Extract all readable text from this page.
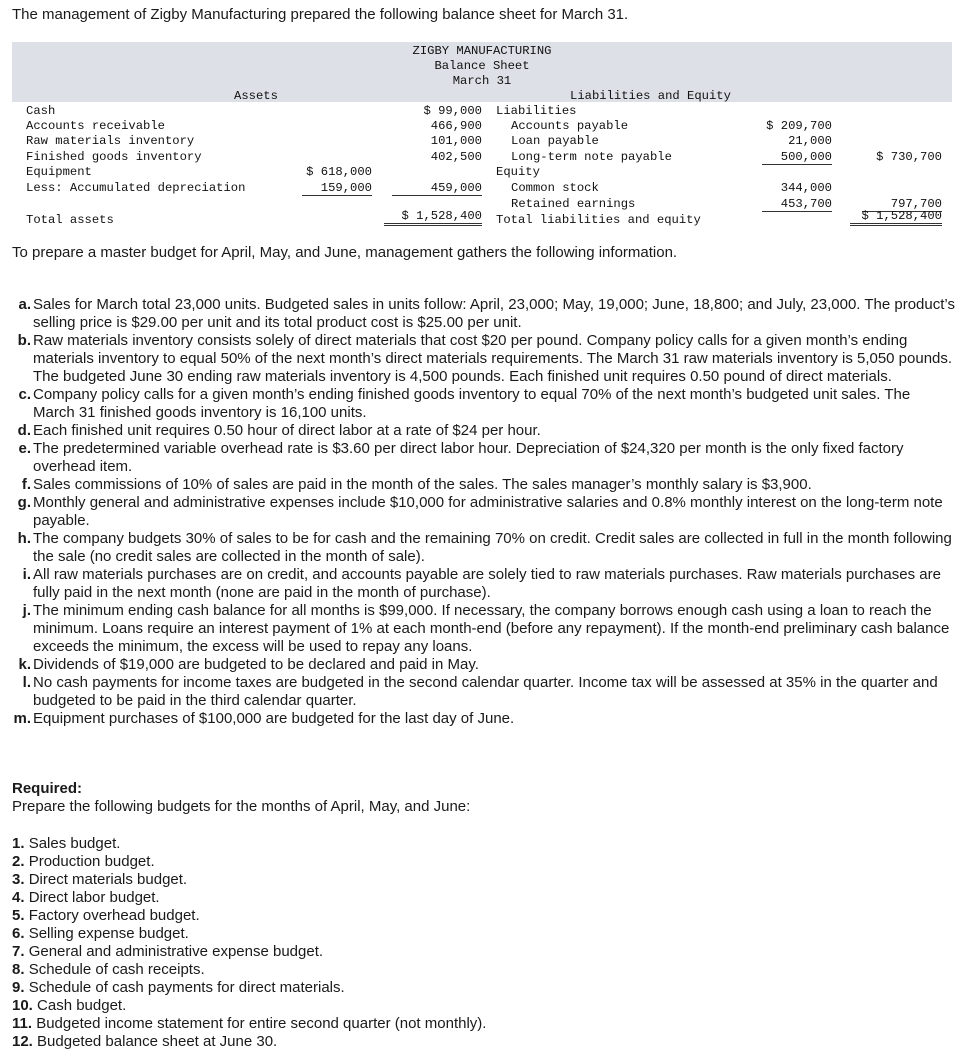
The management of Zigby Manufacturing prepared the following balance sheet for March 31.
ZIGBY MANUFACTURING
Balance Sheet
March 31
Assets	Liabilities and Equity
Cash
Accounts receivable
Raw materials inventory
Finished goods inventory
Equipment
Less: Accumulated depreciation
Total assets
$ 618,000
159,000
$ 99,000
466,900
101,000
402,500
459,000
$ 1,528,400
Liabilities
Accounts payable
Loan payable
Long-term note payable
Equity
Common stock
Retained earnings
Total liabilities and equity
$ 209,700
21,000
500,000
344,000
453,700
$ 730,700
797,700
$ 1,528,400
To prepare a master budget for April, May, and June, management gathers the following information.
a. Sales for March total 23,000 units. Budgeted sales in units follow: April, 23,000; May, 19,000; June, 18,800; and July, 23,000. The product’s selling price is $29.00 per unit and its total product cost is $25.00 per unit.
b. Raw materials inventory consists solely of direct materials that cost $20 per pound. Company policy calls for a given month’s ending materials inventory to equal 50% of the next month’s direct materials requirements. The March 31 raw materials inventory is 5,050 pounds. The budgeted June 30 ending raw materials inventory is 4,500 pounds. Each finished unit requires 0.50 pound of direct materials.
c. Company policy calls for a given month’s ending finished goods inventory to equal 70% of the next month’s budgeted unit sales. The March 31 finished goods inventory is 16,100 units.
d. Each finished unit requires 0.50 hour of direct labor at a rate of $24 per hour.
e. The predetermined variable overhead rate is $3.60 per direct labor hour. Depreciation of $24,320 per month is the only fixed factory overhead item.
f. Sales commissions of 10% of sales are paid in the month of the sales. The sales manager’s monthly salary is $3,900.
g. Monthly general and administrative expenses include $10,000 for administrative salaries and 0.8% monthly interest on the long-term note payable.
h. The company budgets 30% of sales to be for cash and the remaining 70% on credit. Credit sales are collected in full in the month following the sale (no credit sales are collected in the month of sale).
i. All raw materials purchases are on credit, and accounts payable are solely tied to raw materials purchases. Raw materials purchases are fully paid in the next month (none are paid in the month of purchase).
j. The minimum ending cash balance for all months is $99,000. If necessary, the company borrows enough cash using a loan to reach the minimum. Loans require an interest payment of 1% at each month-end (before any repayment). If the month-end preliminary cash balance exceeds the minimum, the excess will be used to repay any loans.
k. Dividends of $19,000 are budgeted to be declared and paid in May.
l. No cash payments for income taxes are budgeted in the second calendar quarter. Income tax will be assessed at 35% in the quarter and budgeted to be paid in the third calendar quarter.
m. Equipment purchases of $100,000 are budgeted for the last day of June.
Required:
Prepare the following budgets for the months of April, May, and June:
1. Sales budget.
2. Production budget.
3. Direct materials budget.
4. Direct labor budget.
5. Factory overhead budget.
6. Selling expense budget.
7. General and administrative expense budget.
8. Schedule of cash receipts.
9. Schedule of cash payments for direct materials.
10. Cash budget.
11. Budgeted income statement for entire second quarter (not monthly).
12. Budgeted balance sheet at June 30.
